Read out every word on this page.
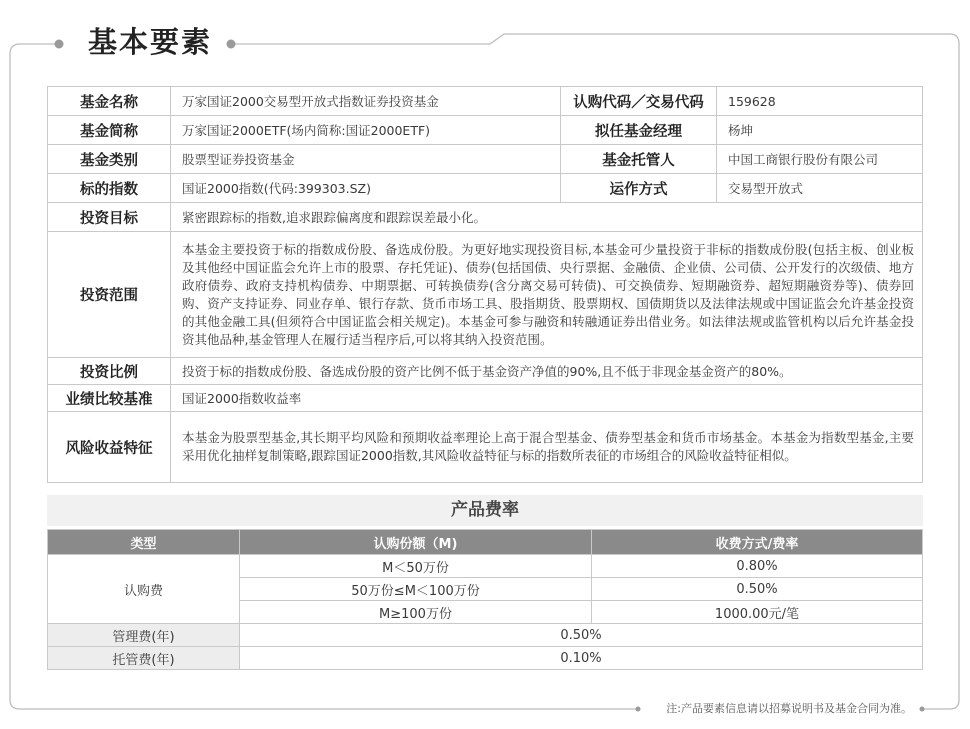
基本要素
基金名称	万家国证2000交易型开放式指数证券投资基金	认购代码／交易代码	159628
基金简称	万家国证2000ETF(场内简称:国证2000ETF)	拟任基金经理	杨坤
基金类别	股票型证券投资基金	基金托管人	中国工商银行股份有限公司
标的指数	国证2000指数(代码:399303.SZ)	运作方式	交易型开放式
投资目标	紧密跟踪标的指数,追求跟踪偏离度和跟踪误差最小化。		
投资范围	本基金主要投资于标的指数成份股、备选成份股。为更好地实现投资目标,本基金可少量投资于非标的指数成份股(包括主板、创业板及其他经中国证监会允许上市的股票、存托凭证)、债券(包括国债、央行票据、金融债、企业债、公司债、公开发行的次级债、地方政府债券、政府支持机构债券、中期票据、可转换债券(含分离交易可转债)、可交换债券、短期融资券、超短期融资券等)、债券回购、资产支持证券、同业存单、银行存款、货币市场工具、股指期货、股票期权、国债期货以及法律法规或中国证监会允许基金投资的其他金融工具(但须符合中国证监会相关规定)。本基金可参与融资和转融通证券出借业务。如法律法规或监管机构以后允许基金投资其他品种,基金管理人在履行适当程序后,可以将其纳入投资范围。		
投资比例	投资于标的指数成份股、备选成份股的资产比例不低于基金资产净值的90%,且不低于非现金基金资产的80%。		
业绩比较基准	国证2000指数收益率		
风险收益特征	本基金为股票型基金,其长期平均风险和预期收益率理论上高于混合型基金、债券型基金和货币市场基金。本基金为指数型基金,主要采用优化抽样复制策略,跟踪国证2000指数,其风险收益特征与标的指数所表征的市场组合的风险收益特征相似。		
产品费率
类型	认购份额（M)	收费方式/费率
认购费	M＜50万份	0.80%
	50万份≤M＜100万份	0.50%
	M≥100万份	1000.00元/笔
管理费(年)	0.50%	
托管费(年)	0.10%	
注:产品要素信息请以招募说明书及基金合同为准。
